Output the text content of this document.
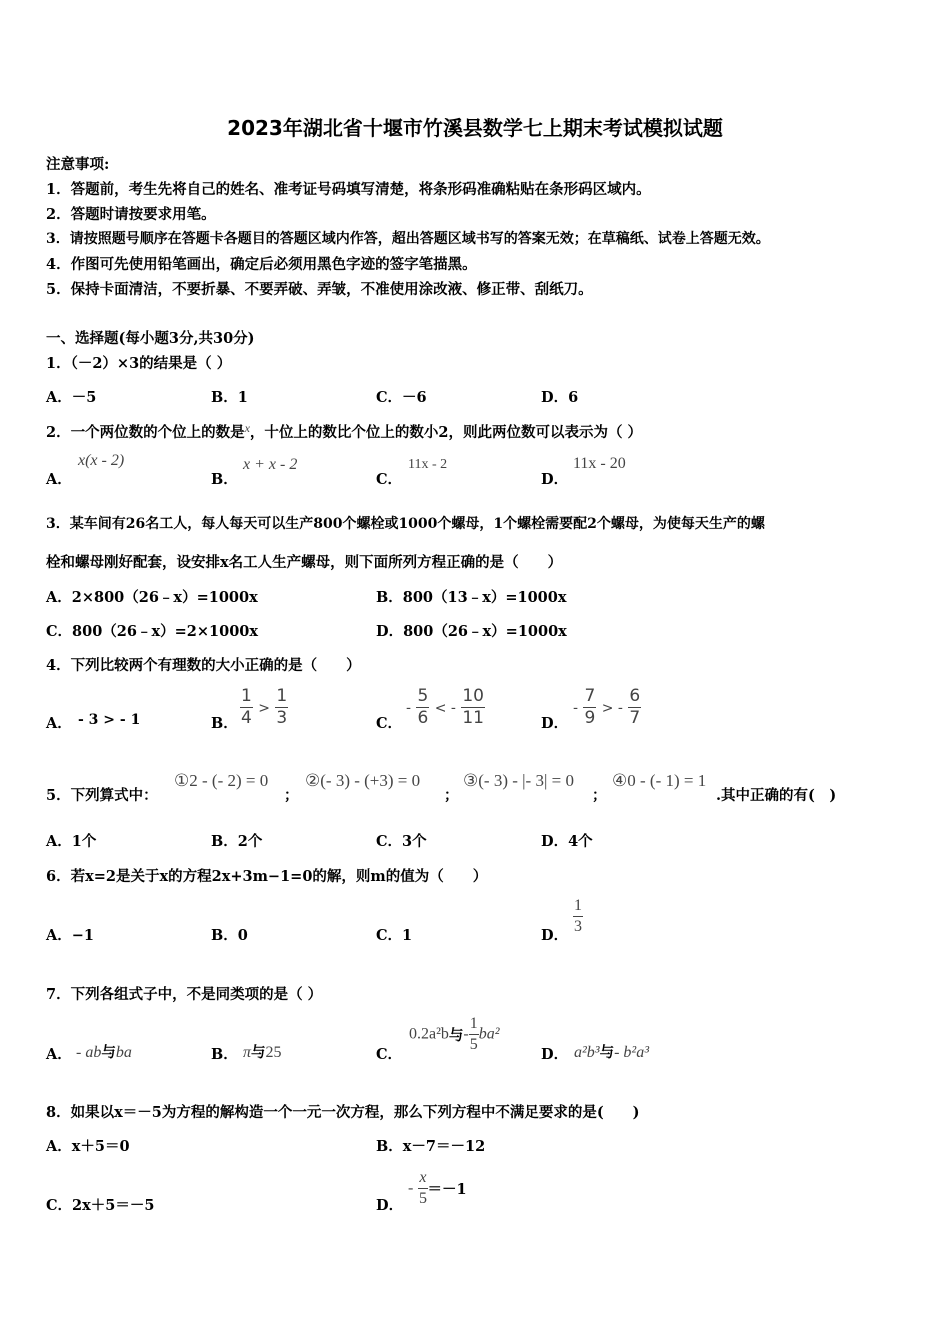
2023年湖北省十堰市竹溪县数学七上期末考试模拟试题
注意事项:
1．答题前，考生先将自己的姓名、准考证号码填写清楚，将条形码准确粘贴在条形码区域内。
2．答题时请按要求用笔。
3．请按照题号顺序在答题卡各题目的答题区域内作答，超出答题区域书写的答案无效；在草稿纸、试卷上答题无效。
4．作图可先使用铅笔画出，确定后必须用黑色字迹的签字笔描黑。
5．保持卡面清洁，不要折暴、不要弄破、弄皱，不准使用涂改液、修正带、刮纸刀。
一、选择题(每小题3分,共30分)
1．（－2）×3的结果是（ ）
A．－5	B．1	C．－6	D．6
2．一个两位数的个位上的数是$^x$，十位上的数比个位上的数小2，则此两位数可以表示为（ ）
A．
x(x - 2)
B．
x + x - 2
C．
11x - 2
D．
11x - 20
3．某车间有26名工人，每人每天可以生产800个螺栓或1000个螺母，1个螺栓需要配2个螺母，为使每天生产的螺
栓和螺母刚好配套，设安排x名工人生产螺母，则下面所列方程正确的是（　　）
A．2×800（26﹣x）=1000x	B．800（13﹣x）=1000x
C．800（26﹣x）=2×1000x	D．800（26﹣x）=1000x
4．下列比较两个有理数的大小正确的是（　　）
A． - 3 > - 1	B． $\frac{1}{4} > \frac{1}{3}$	C．
- $\frac{5}{6}$ < - $\frac{10}{11}$	D．
- $\frac{7}{9}$ > - $\frac{6}{7}$
5．下列算式中：
①2 - (- 2) = 0
；
②(- 3) - (+3) = 0
；
③(- 3) - |- 3| = 0
；
④0 - (- 1) = 1
.其中正确的有(　)
A．1个	B．2个	C．3个	D．4个
6．若x=2是关于x的方程2x+3m−1=0的解，则m的值为（　　）
A．−1	B．0	C．1	D．
$\frac{1}{3}$
7．下列各组式子中，不是同类项的是（ ）
A． - ab与ba	B． π与25	C．
0.2a²b与- $\frac{1}{5} ba^2$
D． a²b³与- b²a³
8．如果以x＝－5为方程的解构造一个一元一次方程，那么下列方程中不满足要求的是(　　)
A．x＋5＝0	B．x－7＝－12
C．2x＋5＝－5	D．
- $\frac{x}{5} =-1$
